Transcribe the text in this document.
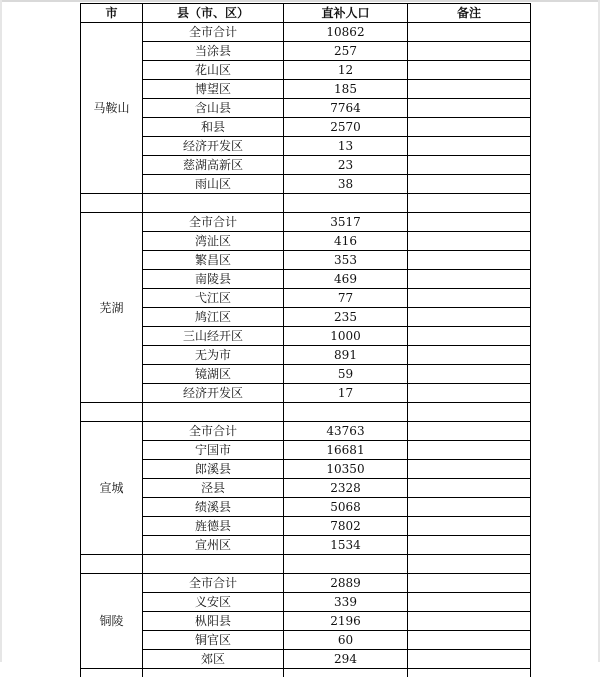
市	县（市、区）	直补人口	备注
马鞍山	全市合计	10862	
	当涂县	257	
	花山区	12	
	博望区	185	
	含山县	7764	
	和县	2570	
	经济开发区	13	
	慈湖高新区	23	
	雨山区	38	

芜湖	全市合计	3517	
	湾沚区	416	
	繁昌区	353	
	南陵县	469	
	弋江区	77	
	鸠江区	235	
	三山经开区	1000	
	无为市	891	
	镜湖区	59	
	经济开发区	17	

宣城	全市合计	43763	
	宁国市	16681	
	郎溪县	10350	
	泾县	2328	
	绩溪县	5068	
	旌德县	7802	
	宣州区	1534	

铜陵	全市合计	2889	
	义安区	339	
	枞阳县	2196	
	铜官区	60	
	郊区	294	
